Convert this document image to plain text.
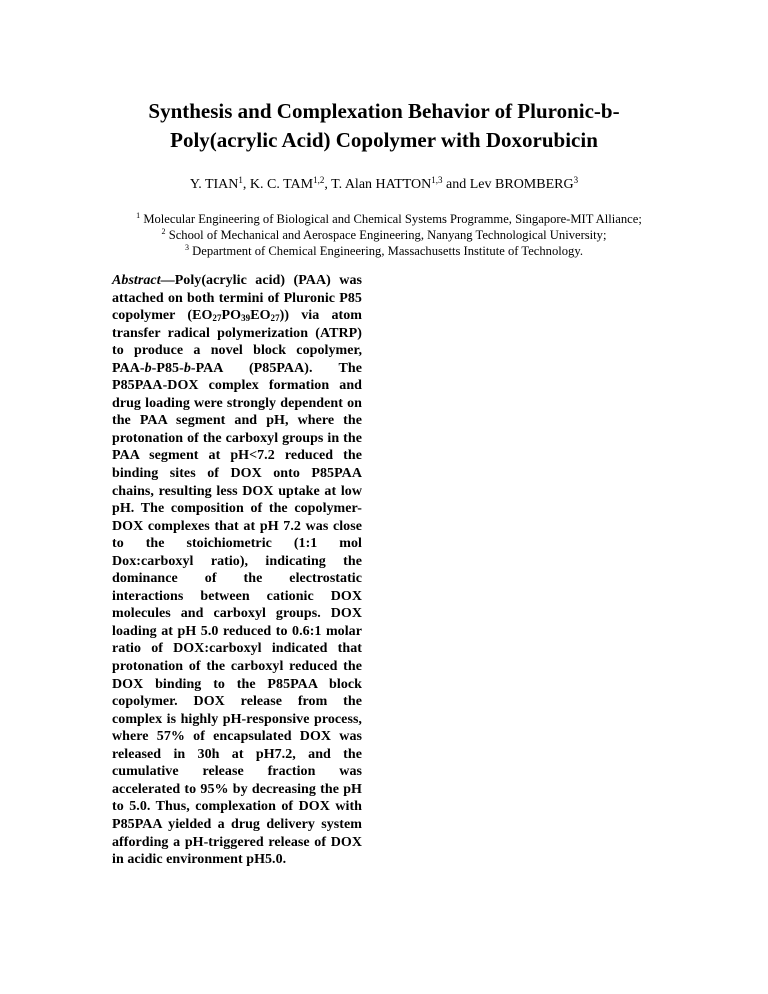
Synthesis and Complexation Behavior of Pluronic-b-
Poly(acrylic Acid) Copolymer with Doxorubicin
Y. TIAN$^1$, K. C. TAM$^{1,2}$, T. Alan HATTON$^{1,3}$ and Lev BROMBERG$^3$
$^1$ Molecular Engineering of Biological and Chemical Systems Programme, Singapore-MIT Alliance;
$^2$ School of Mechanical and Aerospace Engineering, Nanyang Technological University;
$^3$ Department of Chemical Engineering, Massachusetts Institute of Technology.
Abstract—Poly(acrylic acid) (PAA) was attached on both termini of Pluronic P85 copolymer $(EO_{27}PO_{39}EO_{27})$) via atom transfer radical polymerization (ATRP) to produce a novel block copolymer, PAA-b-P85-b-PAA (P85PAA). The P85PAA-DOX complex formation and drug loading were strongly dependent on the PAA segment and pH, where the protonation of the carboxyl groups in the PAA segment at pH<7.2 reduced the binding sites of DOX onto P85PAA chains, resulting less DOX uptake at low pH. The composition of the copolymer-DOX complexes that at pH 7.2 was close to the stoichiometric (1:1 mol Dox:carboxyl ratio), indicating the dominance of the electrostatic interactions between cationic DOX molecules and carboxyl groups. DOX loading at pH 5.0 reduced to 0.6:1 molar ratio of DOX:carboxyl indicated that protonation of the carboxyl reduced the DOX binding to the P85PAA block copolymer. DOX release from the complex is highly pH-responsive process, where 57% of encapsulated DOX was released in 30h at pH7.2, and the cumulative release fraction was accelerated to 95% by decreasing the pH to 5.0. Thus, complexation of DOX with P85PAA yielded a drug delivery system affording a pH-triggered release of DOX in acidic environment pH5.0.
